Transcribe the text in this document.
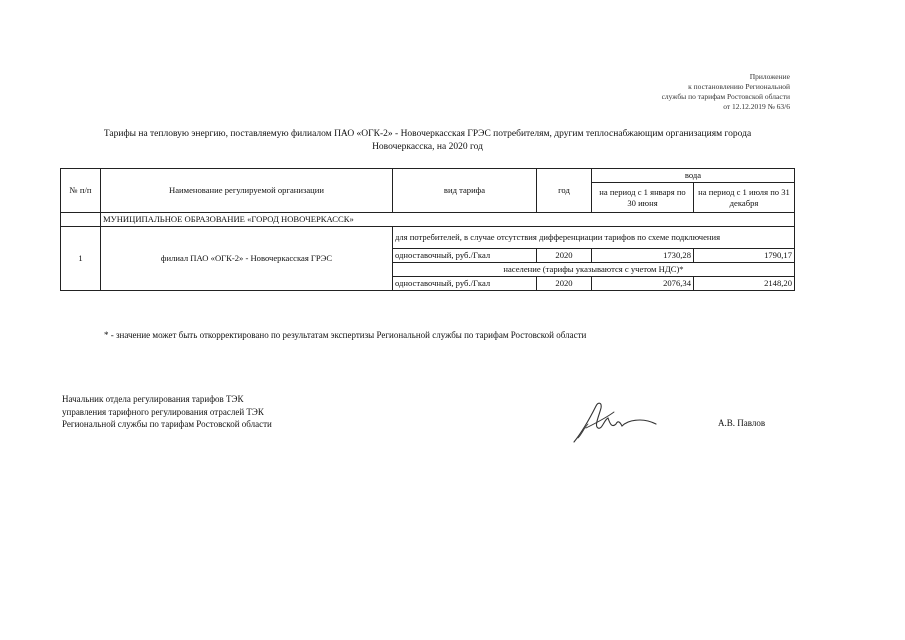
Приложение
к постановлению Региональной
службы по тарифам Ростовской области
от 12.12.2019 № 63/6
Тарифы на тепловую энергию, поставляемую филиалом ПАО «ОГК-2» - Новочеркасская ГРЭС потребителям, другим теплоснабжающим организациям города
Новочеркасска, на 2020 год
№ п/п	Наименование регулируемой организации	вид тарифа	год	вода	
				на период с 1 января по 30 июня	на период с 1 июля по 31 декабря
	МУНИЦИПАЛЬНОЕ ОБРАЗОВАНИЕ «ГОРОД НОВОЧЕРКАССК»				
1	филиал ПАО «ОГК-2» - Новочеркасская ГРЭС	для потребителей, в случае отсутствия дифференциации тарифов по схеме подключения			
		одноставочный, руб./Гкал	2020	1730,28	1790,17
		население (тарифы указываются с учетом НДС)*			
		одноставочный, руб./Гкал	2020	2076,34	2148,20
* - значение может быть откорректировано по результатам экспертизы Региональной службы по тарифам Ростовской области
Начальник отдела регулирования тарифов ТЭК
управления тарифного регулирования отраслей ТЭК
Региональной службы по тарифам Ростовской области	А.В. Павлов
